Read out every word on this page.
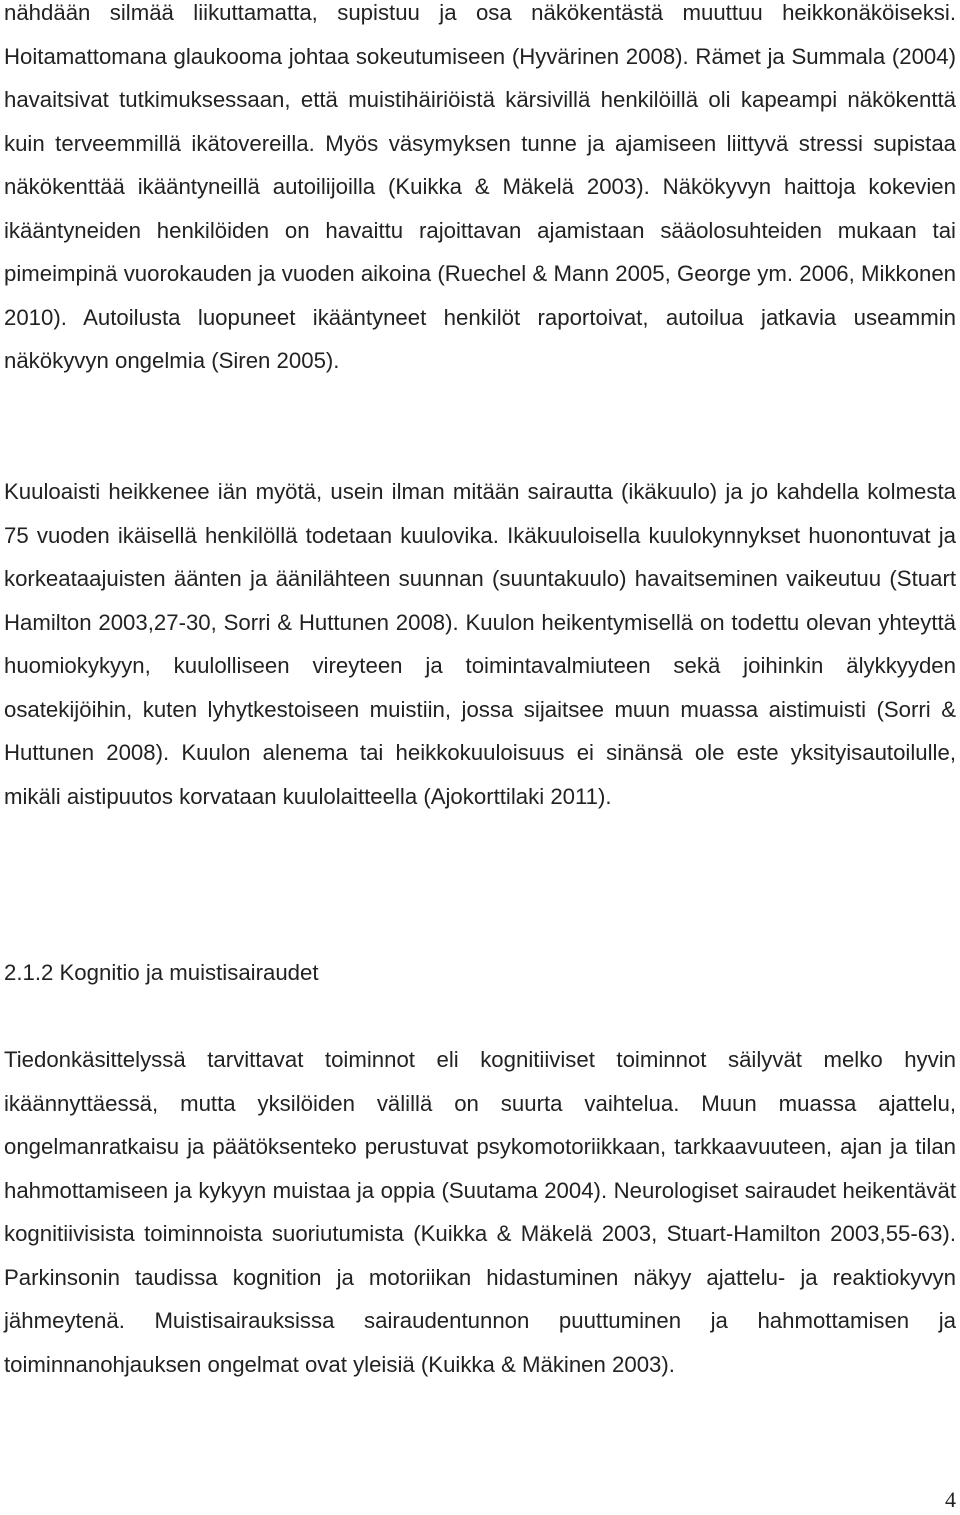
nähdään silmää liikuttamatta, supistuu ja osa näkökentästä muuttuu heikkonäköiseksi. Hoitamattomana glaukooma johtaa sokeutumiseen (Hyvärinen 2008). Rämet ja Summala (2004) havaitsivat tutkimuksessaan, että muistihäiriöistä kärsivillä henkilöillä oli kapeampi näkökenttä kuin terveemmillä ikätovereilla. Myös väsymyksen tunne ja ajamiseen liittyvä stressi supistaa näkökenttää ikääntyneillä autoilijoilla (Kuikka & Mäkelä 2003). Näkökyvyn haittoja kokevien ikääntyneiden henkilöiden on havaittu rajoittavan ajamistaan sääolosuhteiden mukaan tai pimeimpinä vuorokauden ja vuoden aikoina (Ruechel & Mann 2005, George ym. 2006, Mikkonen 2010). Autoilusta luopuneet ikääntyneet henkilöt raportoivat, autoilua jatkavia useammin näkökyvyn ongelmia (Siren 2005).

Kuuloaisti heikkenee iän myötä, usein ilman mitään sairautta (ikäkuulo) ja jo kahdella kolmesta 75 vuoden ikäisellä henkilöllä todetaan kuulovika. Ikäkuuloisella kuulokynnykset huonontuvat ja korkeataajuisten äänten ja äänilähteen suunnan (suuntakuulo) havaitseminen vaikeutuu (Stuart Hamilton 2003,27-30, Sorri & Huttunen 2008). Kuulon heikentymisellä on todettu olevan yhteyttä huomiokykyyn, kuulolliseen vireyteen ja toimintavalmiuteen sekä joihinkin älykkyyden osatekijöihin, kuten lyhytkestoiseen muistiin, jossa sijaitsee muun muassa aistimuisti (Sorri & Huttunen 2008). Kuulon alenema tai heikkokuuloisuus ei sinänsä ole este yksityisautoilulle, mikäli aistipuutos korvataan kuulolaitteella (Ajokorttilaki 2011).

2.1.2 Kognitio ja muistisairaudet

Tiedonkäsittelyssä tarvittavat toiminnot eli kognitiiviset toiminnot säilyvät melko hyvin ikäännyttäessä, mutta yksilöiden välillä on suurta vaihtelua. Muun muassa ajattelu, ongelmanratkaisu ja päätöksenteko perustuvat psykomotoriikkaan, tarkkaavuuteen, ajan ja tilan hahmottamiseen ja kykyyn muistaa ja oppia (Suutama 2004). Neurologiset sairaudet heikentävät kognitiivisista toiminnoista suoriutumista (Kuikka & Mäkelä 2003, Stuart-Hamilton 2003,55-63). Parkinsonin taudissa kognition ja motoriikan hidastuminen näkyy ajattelu- ja reaktiokyvyn jähmeytenä. Muistisairauksissa sairaudentunnon puuttuminen ja hahmottamisen ja toiminnanohjauksen ongelmat ovat yleisiä (Kuikka & Mäkinen 2003).

4
